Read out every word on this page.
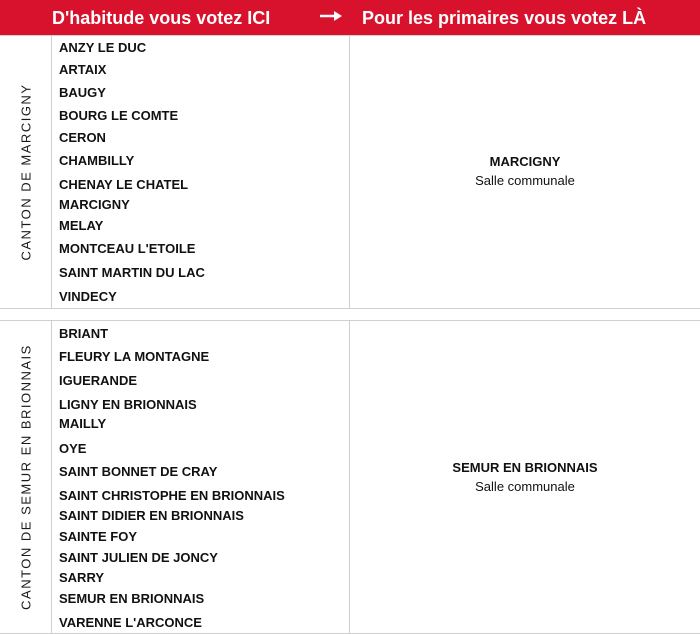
D'habitude vous votez ICI	Pour les primaires vous votez LÀ
CANTON DE MARCIGNY
ANZY LE DUC
ARTAIX
BAUGY
BOURG LE COMTE
CERON
CHAMBILLY
CHENAY LE CHATEL
MARCIGNY
MELAY
MONTCEAU L'ETOILE
SAINT MARTIN DU LAC
VINDECY
MARCIGNY
Salle communale
CANTON DE SEMUR EN BRIONNAIS
BRIANT
FLEURY LA MONTAGNE
IGUERANDE
LIGNY EN BRIONNAIS
MAILLY
OYE
SAINT BONNET DE CRAY
SAINT CHRISTOPHE EN BRIONNAIS
SAINT DIDIER EN BRIONNAIS
SAINTE FOY
SAINT JULIEN DE JONCY
SARRY
SEMUR EN BRIONNAIS
VARENNE L'ARCONCE
SEMUR EN BRIONNAIS
Salle communale
